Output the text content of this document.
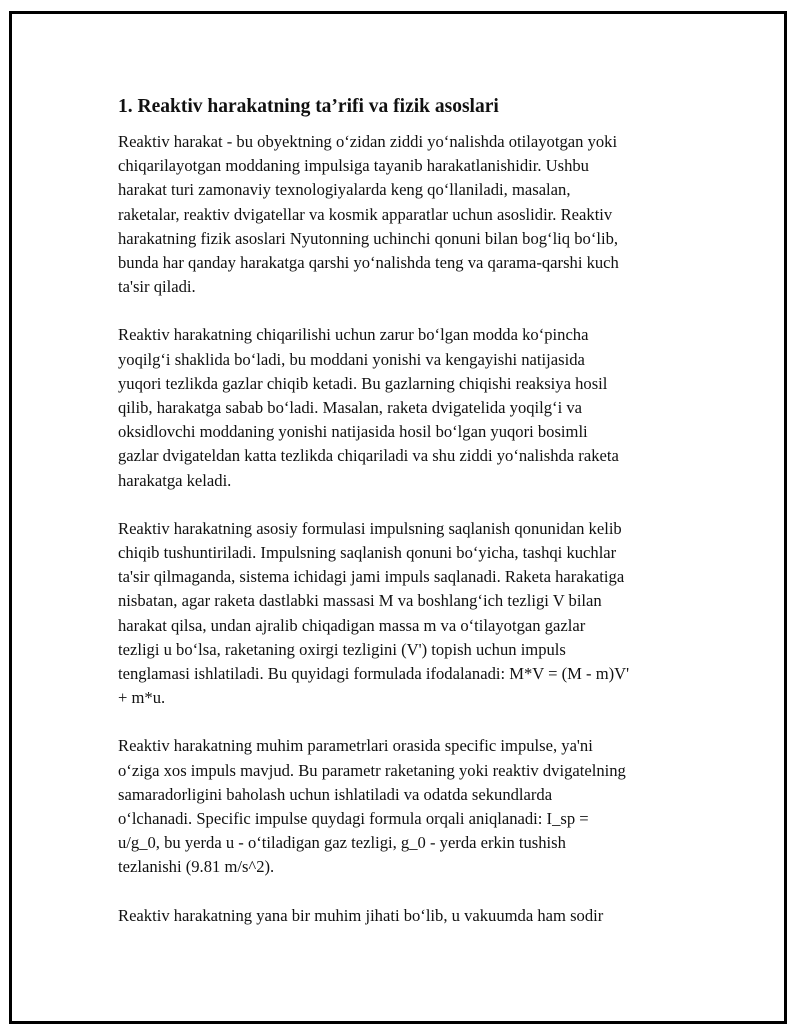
1. Reaktiv harakatning ta’rifi va fizik asoslari
Reaktiv harakat - bu obyektning o‘zidan ziddi yo‘nalishda otilayotgan yoki
chiqarilayotgan moddaning impulsiga tayanib harakatlanishidir. Ushbu
harakat turi zamonaviy texnologiyalarda keng qo‘llaniladi, masalan,
raketalar, reaktiv dvigatellar va kosmik apparatlar uchun asoslidir. Reaktiv
harakatning fizik asoslari Nyutonning uchinchi qonuni bilan bog‘liq bo‘lib,
bunda har qanday harakatga qarshi yo‘nalishda teng va qarama-qarshi kuch
ta'sir qiladi.
Reaktiv harakatning chiqarilishi uchun zarur bo‘lgan modda ko‘pincha
yoqilg‘i shaklida bo‘ladi, bu moddani yonishi va kengayishi natijasida
yuqori tezlikda gazlar chiqib ketadi. Bu gazlarning chiqishi reaksiya hosil
qilib, harakatga sabab bo‘ladi. Masalan, raketa dvigatelida yoqilg‘i va
oksidlovchi moddaning yonishi natijasida hosil bo‘lgan yuqori bosimli
gazlar dvigateldan katta tezlikda chiqariladi va shu ziddi yo‘nalishda raketa
harakatga keladi.
Reaktiv harakatning asosiy formulasi impulsning saqlanish qonunidan kelib
chiqib tushuntiriladi. Impulsning saqlanish qonuni bo‘yicha, tashqi kuchlar
ta'sir qilmaganda, sistema ichidagi jami impuls saqlanadi. Raketa harakatiga
nisbatan, agar raketa dastlabki massasi M va boshlang‘ich tezligi V bilan
harakat qilsa, undan ajralib chiqadigan massa m va o‘tilayotgan gazlar
tezligi u bo‘lsa, raketaning oxirgi tezligini (V') topish uchun impuls
tenglamasi ishlatiladi. Bu quyidagi formulada ifodalanadi: M*V = (M - m)V'
+ m*u.
Reaktiv harakatning muhim parametrlari orasida specific impulse, ya'ni
o‘ziga xos impuls mavjud. Bu parametr raketaning yoki reaktiv dvigatelning
samaradorligini baholash uchun ishlatiladi va odatda sekundlarda
o‘lchanadi. Specific impulse quydagi formula orqali aniqlanadi: I_sp =
u/g_0, bu yerda u - o‘tiladigan gaz tezligi, g_0 - yerda erkin tushish
tezlanishi (9.81 m/s^2).
Reaktiv harakatning yana bir muhim jihati bo‘lib, u vakuumda ham sodir
